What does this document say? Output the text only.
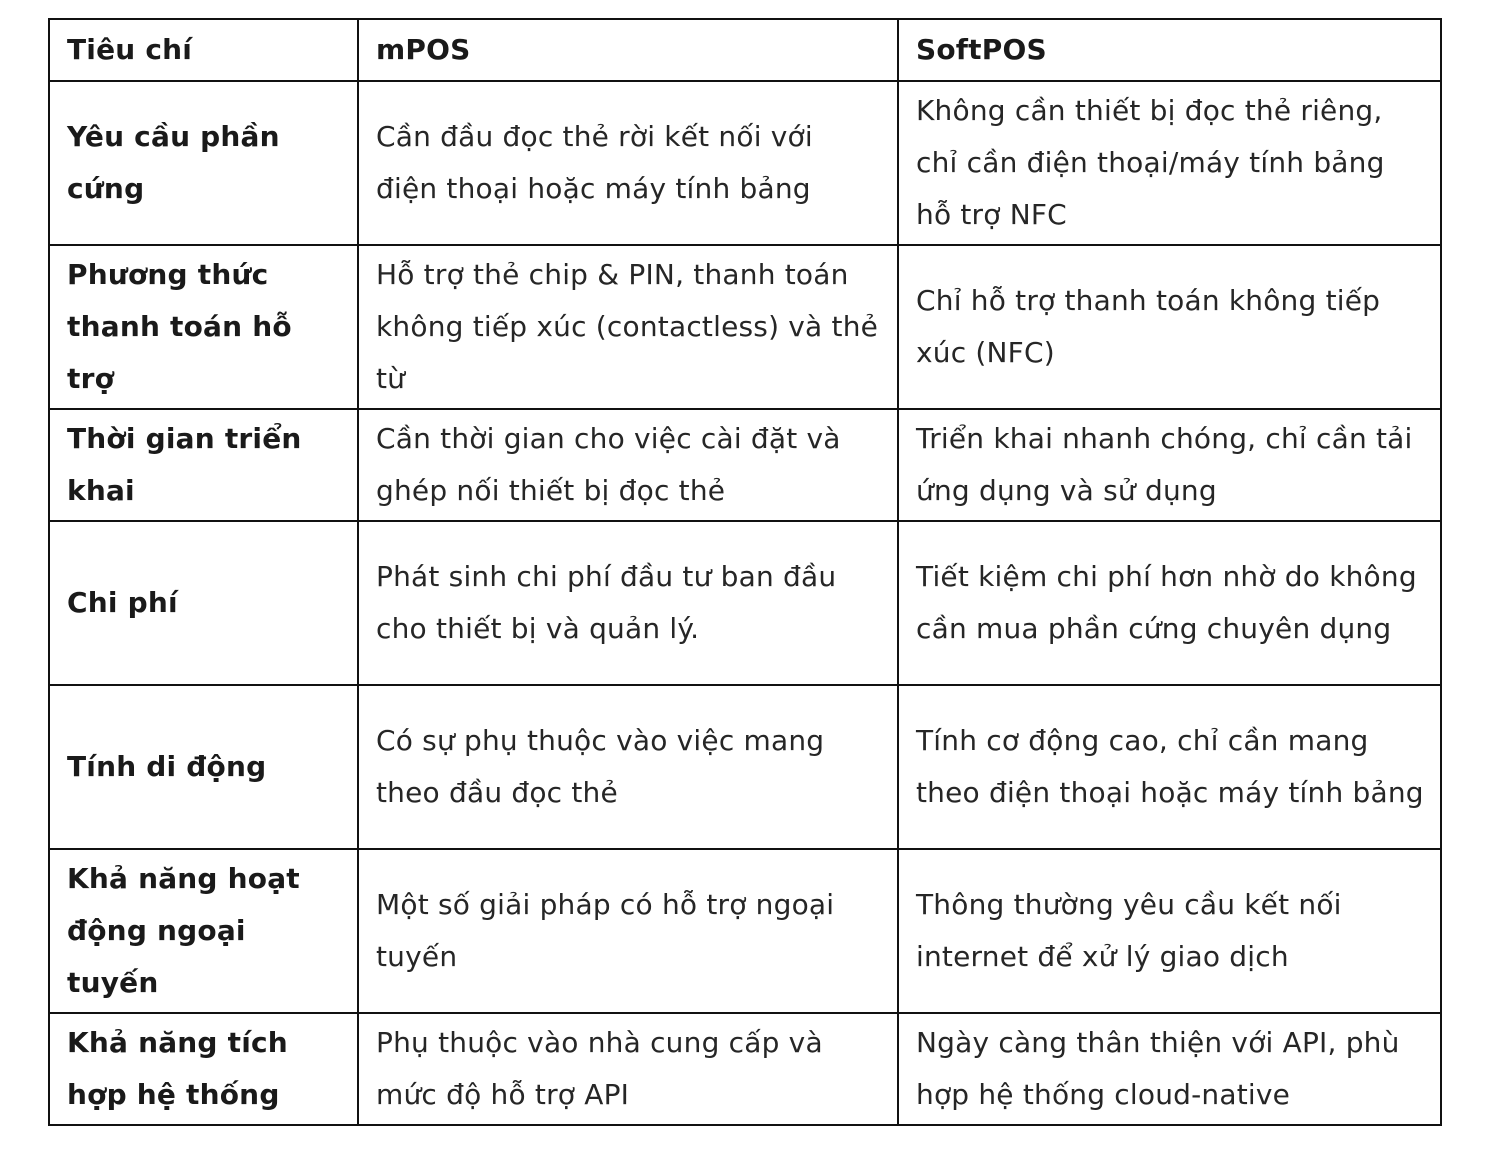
Tiêu chí	mPOS	SoftPOS
Yêu cầu phần cứng	Cần đầu đọc thẻ rời kết nối với điện thoại hoặc máy tính bảng	Không cần thiết bị đọc thẻ riêng, chỉ cần điện thoại/máy tính bảng hỗ trợ NFC
Phương thức thanh toán hỗ trợ	Hỗ trợ thẻ chip & PIN, thanh toán không tiếp xúc (contactless) và thẻ từ	Chỉ hỗ trợ thanh toán không tiếp xúc (NFC)
Thời gian triển khai	Cần thời gian cho việc cài đặt và ghép nối thiết bị đọc thẻ	Triển khai nhanh chóng, chỉ cần tải ứng dụng và sử dụng
Chi phí	Phát sinh chi phí đầu tư ban đầu cho thiết bị và quản lý.	Tiết kiệm chi phí hơn nhờ do không cần mua phần cứng chuyên dụng
Tính di động	Có sự phụ thuộc vào việc mang theo đầu đọc thẻ	Tính cơ động cao, chỉ cần mang theo điện thoại hoặc máy tính bảng
Khả năng hoạt động ngoại tuyến	Một số giải pháp có hỗ trợ ngoại tuyến	Thông thường yêu cầu kết nối internet để xử lý giao dịch
Khả năng tích hợp hệ thống	Phụ thuộc vào nhà cung cấp và mức độ hỗ trợ API	Ngày càng thân thiện với API, phù hợp hệ thống cloud-native
